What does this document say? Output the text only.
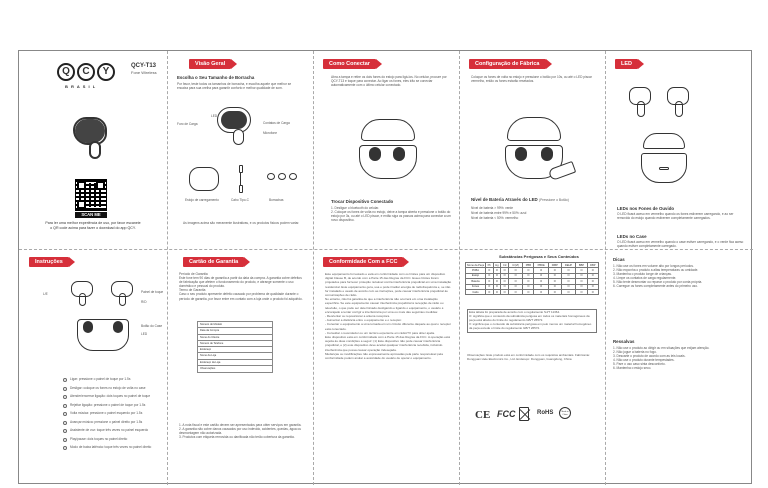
Q	C	Y
B R A S I L
QCY-T13
Fone Wireless
SCAN ME
Para ler uma melhor experiência de uso, por favor escaneie o QR code acima para fazer o download do app QCY.
Visão Geral
Escolha o Seu Tamanho de Borracha
Por favor, teste todos os tamanhos de borracha, e escolha aquele que melhor se encaixa para sua orelha para garantir conforto e melhor qualidade de som.
LED
Furo de Carga	Contatos de Carga
Microfone
Estojo de carregamento	Cabo Tipo-C	Borrachas
As imagens acima são meramente ilustrativas, e os produtos físicos podem variar.
Como Conectar
Abra a tampa e retire os dois fones do estojo para ligá-los. No celular, procure por QCY-T13 e toque para conectar. Ao ligar os fones, eles irão se conectar automaticamente com o último celular conectado.
Trocar Dispositivo Conectado
1. Desligue o bluetooth do celular.
2. Coloque os fones de volta no estojo, deixe a tampa aberta e pressione o botão do estojo por 3s, ou até o LED piscar, e então siga os passos acima para conectar a um novo dispositivo.
Configuração de Fábrica
Coloque os fones de volta no estojo e pressione o botão por 10s, ou até o LED piscar vermelho, então os fones estarão resetados.
Nível de Bateria Através do LED (Pressione o Botão)
Nível de bateria > 99%: verde
Nível de bateria entre 99% e 50%: azul
Nível de bateria < 50%: vermelho
LED
LEDs nos Fones de Ouvido
O LED ficará aceso em vermelho quando os fones estiverem carregando, e ao ser removido do estojo quando estiverem completamente carregados.
LEDs no Case
O LED ficará aceso em vermelho quando o case estiver carregando, e o verde fica aceso quando estiver completamente carregado.
Instruções
L/E	Painel de toque
R/D
Botão do Case
LED
Ligar: pressione o painel de toque por 1.5s
Desligar: coloque os fones no estojo de volta no case
Atender/encerrar ligação: dois toques no painel de toque
Rejeitar ligação: pressione o painel de toque por 1.5s
Volta música: pressione o painel esquerdo por 1.5s
Avançar música: pressione o painel direito por 1.5s
Assistente de voz: toque três vezes no painel esquerdo
Play/pause: dois toques no painel direito
Modo de baixa latência: toque três vezes no painel direito
Cartão de Garantia
Período de Garantia
Este fone tem 90 dias de garantia a partir da data da compra. A garantia cobre defeitos de fabricação que afetem o funcionamento do produto, e abrange somente o uso doméstico e pessoal do produto.
Termo de Garantia
Caso o seu produto apresente defeito causado por problema de qualidade durante o período de garantia, por favor entre em contato com a loja onde o produto foi adquirido.
Número do Modelo
Data da Compra
Nome do Cliente
Número de Telefone
Endereço
Nome da Loja
Endereço da Loja
Observações
1. A nota fiscal e este cartão devem ser apresentados para obter serviços em garantia.
2. A garantia não cobre danos causados por uso indevido, acidentes, quedas, água ou desmontagem não autorizada.
3. Produtos com etiqueta removida ou danificada não terão cobertura da garantia.
Conformidade Com a FCC
Este equipamento foi testado e está em conformidade com os limites para um dispositivo digital Classe B, de acordo com a Parte 15 das Regras da FCC. Esses limites foram projetados para fornecer proteção razoável contra interferência prejudicial em uma instalação residencial. Este equipamento gera, usa e pode irradiar energia de radiofrequência e, se não for instalado e usado de acordo com as instruções, pode causar interferência prejudicial às comunicações de rádio.
No entanto, não há garantia de que a interferência não ocorrerá em uma instalação específica. Se este equipamento causar interferência prejudicial à recepção de rádio ou televisão, o que pode ser determinado desligando e ligando o equipamento, o usuário é encorajado a tentar corrigir a interferência por uma ou mais das seguintes medidas:
- Reorientar ou reposicionar a antena receptora.
- Aumentar a distância entre o equipamento e o receptor.
- Conectar o equipamento a uma tomada em um circuito diferente daquele ao qual o receptor está conectado.
- Consultar o revendedor ou um técnico experiente em rádio/TV para obter ajuda.
Este dispositivo está em conformidade com a Parte 15 das Regras da FCC. A operação está sujeita às duas condições a seguir: (1) Este dispositivo não pode causar interferência prejudicial, e (2) este dispositivo deve aceitar qualquer interferência recebida, incluindo interferência que possa causar operação indesejada.
Mudanças ou modificações não expressamente aprovadas pela parte responsável pela conformidade podem anular a autoridade do usuário de operar o equipamento.
Substâncias Perigosas e Seus Conteúdos
Nome da Peça	Pb	Hg	Cd	Cr(VI)	PBB	PBDE	DIBP	DEHP	BBP	DBP
PCBA	O	O	O	O	O	O	O	O	O	O
Estojo	O	O	O	O	O	O	O	O	O	O
Bateria	O	O	O	O	O	O	O	O	O	O
Fones	O	O	O	O	O	O	O	O	O	O
Cabo	O	O	O	O	O	O	O	O	O	O
Esta tabela foi preparada de acordo com o regulamento SJ/T 11364.
O: significa que o conteúdo da substância perigosa em todos os materiais homogêneos da peça está abaixo do limite do regulamento GB/T 26572.
X: significa que o conteúdo da substância perigosa em pelo menos um material homogêneo da peça excede o limite do regulamento GB/T 26572.
Observações: Este produto está em conformidade com os requisitos ambientais. Fabricante: Dongguan Hele Electronics Co., Ltd. Endereço: Dongguan, Guangdong, China
CE FCC	RoHS	Made in China
Dicas
1. Não use os fones em volume alto por longos períodos.
2. Não exponha o produto a altas temperaturas ou umidade.
3. Mantenha o produto longe de crianças.
4. Limpe os contatos de carga regularmente.
5. Não tente desmontar ou reparar o produto por conta própria.
6. Carregue os fones completamente antes do primeiro uso.
Ressalvas
1. Não use o produto ao dirigir ou em situações que exijam atenção.
2. Não jogue a bateria no fogo.
3. Descarte o produto de acordo com as leis locais.
4. Não use o produto durante tempestades.
5. Pare o uso caso sinta desconforto.
6. Mantenha o estojo seco.
